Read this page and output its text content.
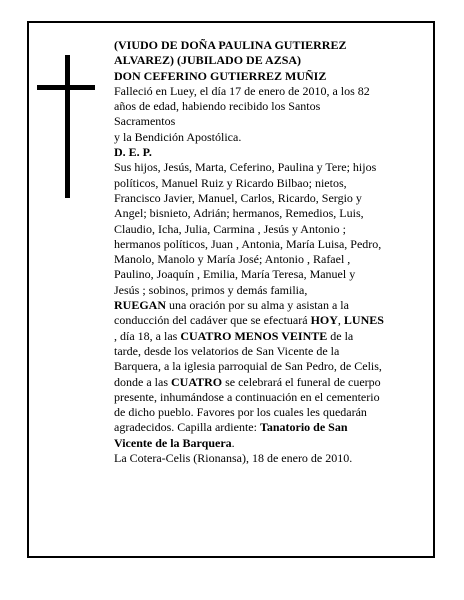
(VIUDO DE DOÑA PAULINA GUTIERREZ

ALVAREZ) (JUBILADO DE AZSA)

DON CEFERINO GUTIERREZ MUÑIZ

Falleció en Luey, el día 17 de enero de 2010, a los 82

años de edad, habiendo recibido los Santos

Sacramentos

y la Bendición Apostólica.

D. E. P.

Sus hijos, Jesús, Marta, Ceferino, Paulina y Tere; hijos

políticos, Manuel Ruiz y Ricardo Bilbao; nietos,

Francisco Javier, Manuel, Carlos, Ricardo, Sergio y

Angel; bisnieto, Adrián; hermanos, Remedios, Luis,

Claudio, Icha, Julia, Carmina , Jesús y Antonio ;

hermanos políticos, Juan , Antonia, María Luisa, Pedro,

Manolo, Manolo y María José; Antonio , Rafael ,

Paulino, Joaquín , Emilia, María Teresa, Manuel y

Jesús ; sobinos, primos y demás familia,

RUEGAN una oración por su alma y asistan a la

conducción del cadáver que se efectuará HOY, LUNES

, día 18, a las CUATRO MENOS VEINTE de la

tarde, desde los velatorios de San Vicente de la

Barquera, a la iglesia parroquial de San Pedro, de Celis,

donde a las CUATRO se celebrará el funeral de cuerpo

presente, inhumándose a continuación en el cementerio

de dicho pueblo. Favores por los cuales les quedarán

agradecidos. Capilla ardiente: Tanatorio de San

Vicente de la Barquera.

La Cotera-Celis (Rionansa), 18 de enero de 2010.
